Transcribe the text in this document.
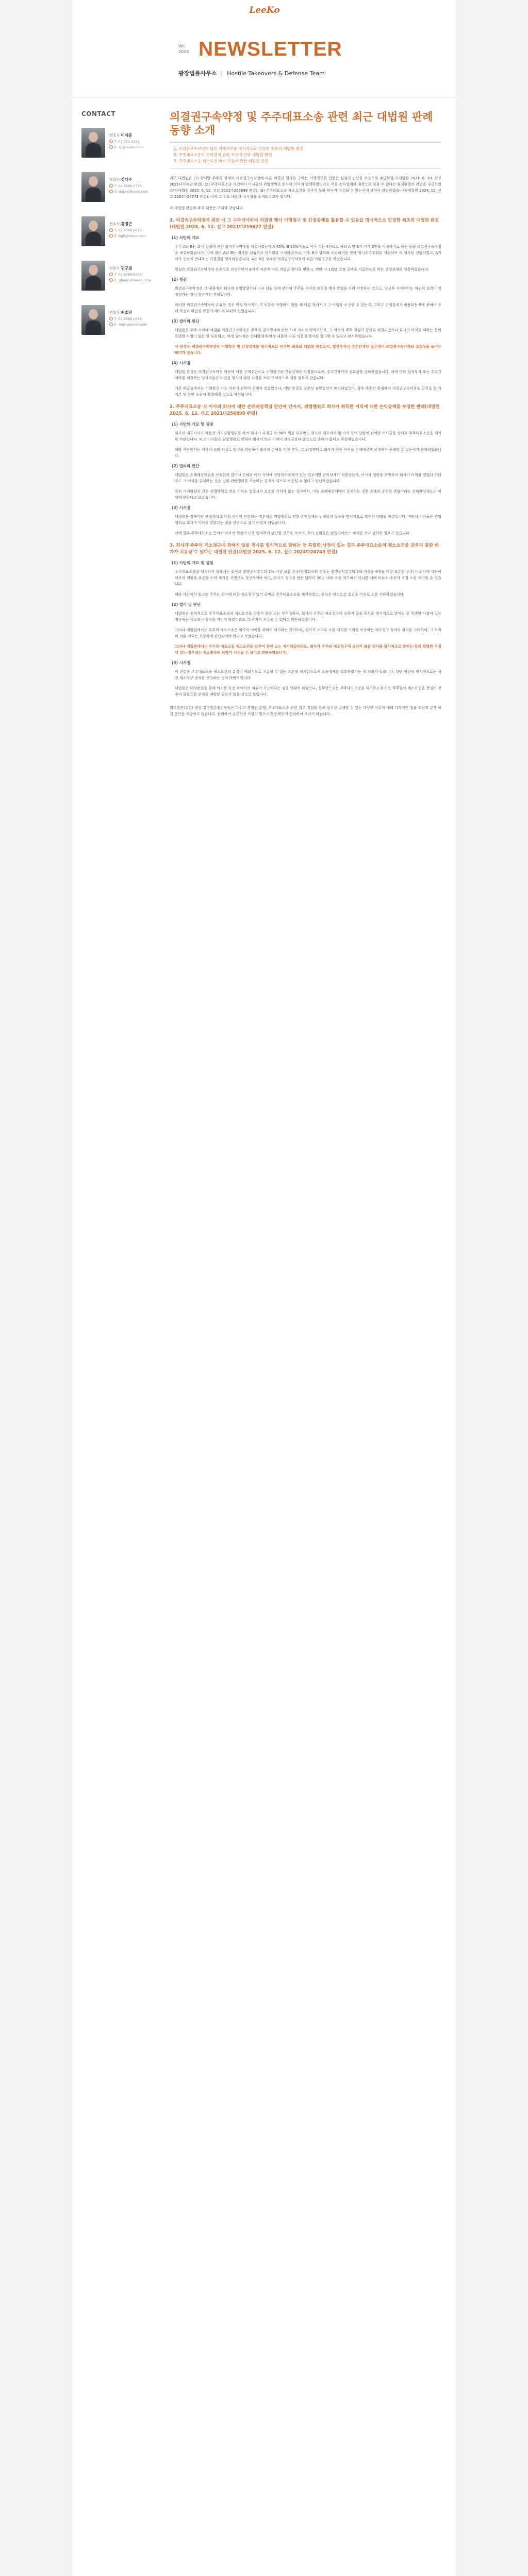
LeeKo
Vol.
2023 NEWSLETTER
광장법률사무소 | Hostile Takeovers & Defense Team
CONTACT
변호사 이세중
T. 02.772.4322
E. sjl@leeko.com
변호사 정다주
T. 02.6386.0776
E. dajoo@leeko.com
변호사 홍정근
T. 02.6386.6614
E. hgh@leeko.com
변호사 권구범
T. 02.6386.6394
E. gbeom@leeko.com
변호사 최호진
T. 02.6386.0648
E. hojin@leeko.com
의결권구속약정 및 주주대표소송 관련 최근 대법원 판례 동향 소개
1. 의결권구속약정에 따른 이행의무를 명시적으로 인정한 최초의 대법원 판결
2. 주주대표소송의 손익상계 법리 적용에 관한 대법원 판결
3. 주주대표소송 제소요건 미비 치유에 관한 대법원 판결
최근 대법원은 (1) 상대방 주주를 상대로 의결권구속약정에 따른 의결권 행사를 구하는 이행청구를 인용한 원심의 판단을 처음으로 수긍하였고(대법원 2021. 6. 10. 선고 2021다이재판 판결), (2) 주주대표소송 사건에서 이사들의 위법행위로 회사에 이익이 발생하였더라도 이를 손익상계의 대상으로 삼을 수 없다는 원심판결의 판단을 수긍하였으며(대법원 2025. 6. 12. 선고 2021다256898 판결), (3) 주주대표소송 제소요건을 갖추지 못한 하자가 치유될 수 있는지에 관하여 판단하였습니다(대법원 2024. 12. 선고 2024다24743 판결). 이에 그 주요 내용과 시사점을 소개드리고자 합니다.
각 대법원 판결의 주요 내용은 아래와 같습니다.
1. 의결권구속약정에 위반 시 그 구속이사와의 의결권 행사 이행청구 및 간접강제를 활용할 수 있음을 명시적으로 인정한 최초의 대법원 판결(대법원 2025. 6. 12. 선고 2021다219677 판결)
(1) 사안의 개요
주주 A와 B는 회사 설립에 관한 합작투자약정을 체결하였는데 A 45%, B 55%비율로 이사 수는 4인으로 하되 A 및 B가 각각 2인을 지정하기로 하는 등을 의결권구속약정을 체결하였습니다. 이에 따라 A와 B는 회사를 설립하고 이사회를 구성하였으나, 이후 B가 합의와 소집하거를 받아 임시주주총회를 개최하여 새 이사를 선임하였고, A가 이사 선임에 반대하는 의결권을 행사하였습니다. A는 B를 상대로 의결권구속약정에 따른 이행청구를 하였습니다.
원심은 의결권구속약정의 유효성을 인정하면서 B에게 약정에 따른 의결권 행사를 명하고, 위반 시 1회당 일정 금액을 지급하도록 하는 간접강제를 인용하였습니다.
(2) 쟁점
의결권구속약정은 그 내용에서 회사의 운영방향이나 이사 선임 등에 관하여 주주들 사이의 의결권 행사 방법을 미리 약정하는 것으로, 당사자 사이에서는 채권적 효력이 인정된다는 것이 일반적인 견해입니다.
이러한 의결권구속약정이 유효한 경우 약정 당사자가 그 의무를 이행하지 않을 때 다른 당사자가 그 이행을 소구할 수 있는지, 그리고 간접강제가 허용되는지에 관하여 종래 학설과 하급심 판결의 태도가 나뉘어 있었습니다.
(3) 법리와 판단
대법원은 주주 사이에 체결된 의결권구속약정은 주주의 권리행사에 관한 사적 자치의 영역이므로, 그 약정이 주주 전원의 합의로 체결되었거나 회사의 이익을 해하는 등의 특별한 사정이 없는 한 유효하고, 약정 당사자는 상대방에게 약정 내용에 따른 의결권 행사를 청구할 수 있다고 판시하였습니다.
이 판결은 의결권구속약정의 이행청구 및 간접강제를 명시적으로 인정한 최초의 대법원 판결로서, 합작투자나 주주간계약 실무에서 의결권구속약정의 실효성을 높이는 의미가 있습니다.
(4) 시사점
대법원 판결은 의결권구속약정 위반에 대한 구제수단으로 이행청구와 간접강제를 인정함으로써, 주주간계약의 실효성을 강화하였습니다. 이에 따라 합작투자 또는 주주간계약을 체결하는 당사자들은 의결권 행사에 관한 약정을 보다 구체적으로 정할 필요가 있습니다.
기존 하급심에서는 이행청구 가능 여부에 관하여 견해가 엇갈렸으나, 이번 판결로 실무상 불확실성이 해소되었으며, 향후 주주간 분쟁에서 의결권구속약정을 근거로 한 가처분 및 본안 소송이 활발해질 것으로 예상됩니다.
2. 주주대표소송 시 이사의 회사에 대한 손해배상책임 판단에 있어서, 위법행위로 회사가 취득한 이익에 대한 손익상계를 부정한 판례(대법원 2025. 6. 12. 선고 2021다256898 판결)
(1) 사안의 개요 및 쟁점
회사의 대표이사가 제품의 가격담합행위를 하여 회사가 과징금 약 90억 원을 부과받고 회사의 대표이사 및 이사 등이 담합에 관여한 이사들을 상대로 주주대표소송을 제기한 사안입니다. 피고 이사들은 담합행위로 인하여 회사가 얻은 이익이 과징금보다 많으므로 손해가 없다고 주장하였습니다.
해당 사안에서는 이사가 고의·과실로 법령을 위반하여 회사에 손해를 끼친 경우, 그 위법행위로 회사가 얻은 이익을 손해배상액 산정에서 공제할 수 있는지가 문제되었습니다.
(2) 법리와 판단
대법원은 손해배상책임을 산정함에 있어서 손해와 이익 사이에 상당인과관계가 있는 경우에만 손익상계가 허용되는데, 이사가 법령을 위반하여 회사가 이익을 얻었다 하더라도 그 이익을 공제하는 것은 법령 위반행위를 조장하는 결과가 되므로 허용될 수 없다고 판단하였습니다.
특히 가격담합과 같은 위법행위로 얻은 이익은 법질서가 보호할 가치가 없는 것이어서, 이를 손해배상액에서 공제하는 것은 손해의 공평한 분담이라는 손해배상제도의 이념에 반한다고 보았습니다.
(3) 시사점
대법원은 경제적인 관점에서 회사의 이익이 인정되는 경우에도 위법행위로 인한 손익상계는 인정되지 않음을 명시적으로 확인한 대법원 판결입니다. 따라서 이사들은 위법행위로 회사가 이익을 얻었다는 점을 항변으로 삼기 어렵게 되었습니다.
이에 향후 주주대표소송 등에서 이사의 책임이 더욱 엄격하게 판단될 것으로 보이며, 회사 임원들은 컴플라이언스 체계를 보다 강화할 필요가 있습니다.
3. 회사가 주주의 제소청구에 회하지 않을 의사를 명시적으로 밝히는 등 특별한 사정이 있는 경우 주주대표소송의 제소요건을 갖추지 못한 하자가 치유될 수 있다는 대법원 판결(대법원 2025. 6. 12. 선고 2024다24743 판결)
(1) 사안의 개요 및 쟁점
주주대표소송을 제기하기 위해서는 회사의 발행주식총수의 1% 이상 보유 주주(상장회사의 경우는 발행주식총수의 1% 이상을 6개월 이상 보유한 주주)가 회사에 대하여 이사의 책임을 추궁할 소의 제기를 서면으로 청구하여야 하고, 회사가 청구를 받은 날부터 30일 내에 소를 제기하지 아니한 때에 비로소 주주가 직접 소를 제기할 수 있습니다.
해당 사안에서 원고인 주주는 회사에 대한 제소청구 없이 곧바로 주주대표소송을 제기하였고, 원심은 제소요건 흠결을 이유로 소를 각하하였습니다.
(2) 법리 및 판단
대법원은 원칙적으로 주주대표소송의 제소요건을 갖추지 못한 소는 부적법하나, 회사가 주주의 제소청구에 응하지 않을 의사를 명시적으로 밝히는 등 특별한 사정이 있는 경우에는 제소청구 절차를 거치지 않았더라도 그 하자가 치유될 수 있다고 판단하였습니다.
그러나 대법원에서는 주주의 대표소송은 회사의 이익을 위하여 제기하는 것이므로, 회사가 스스로 소를 제기할 기회를 보장하는 제소청구 절차의 취지를 고려하여, 그 하자의 치유 여부는 신중하게 판단되어야 한다고 보았습니다.
그러나 대법원에서는 주주의 대표소송 제소요건을 갖추지 못한 소는 제기되었더라도, 회사가 주주의 제소청구에 응하지 않을 의사를 명시적으로 밝히는 등의 특별한 사정이 있는 경우에는 제소청구의 하자가 치유될 수 있다고 판단하였습니다.
(3) 시사점
이 판결은 주주대표소송 제소요건의 흠결이 예외적으로 치유될 수 있는 요건을 제시함으로써 소송경제를 도모하였다는 데 의의가 있습니다. 다만 여전히 원칙적으로는 사전 제소청구 절차를 준수하는 것이 바람직합니다.
대법원은 대상판결을 통해 이러한 요건 하에서의 치유가 가능하다는 점을 명확히 하였으나, 실무상으로는 주주대표소송을 제기하고자 하는 주주들이 제소요건을 충실히 갖추어 불필요한 분쟁을 예방할 필요가 있을 것으로 보입니다.
법무법인(유한) 광장 경영권분쟁전담팀은 다수의 경영권 분쟁, 주주대표소송 관련 업무 경험을 통해 실무상 발생할 수 있는 다양한 이슈에 대해 다각적인 법률 조언과 분쟁 해결 방안을 제공하고 있습니다. 관련하여 궁금하신 사항이 있으시면 언제든지 연락하여 주시기 바랍니다.
